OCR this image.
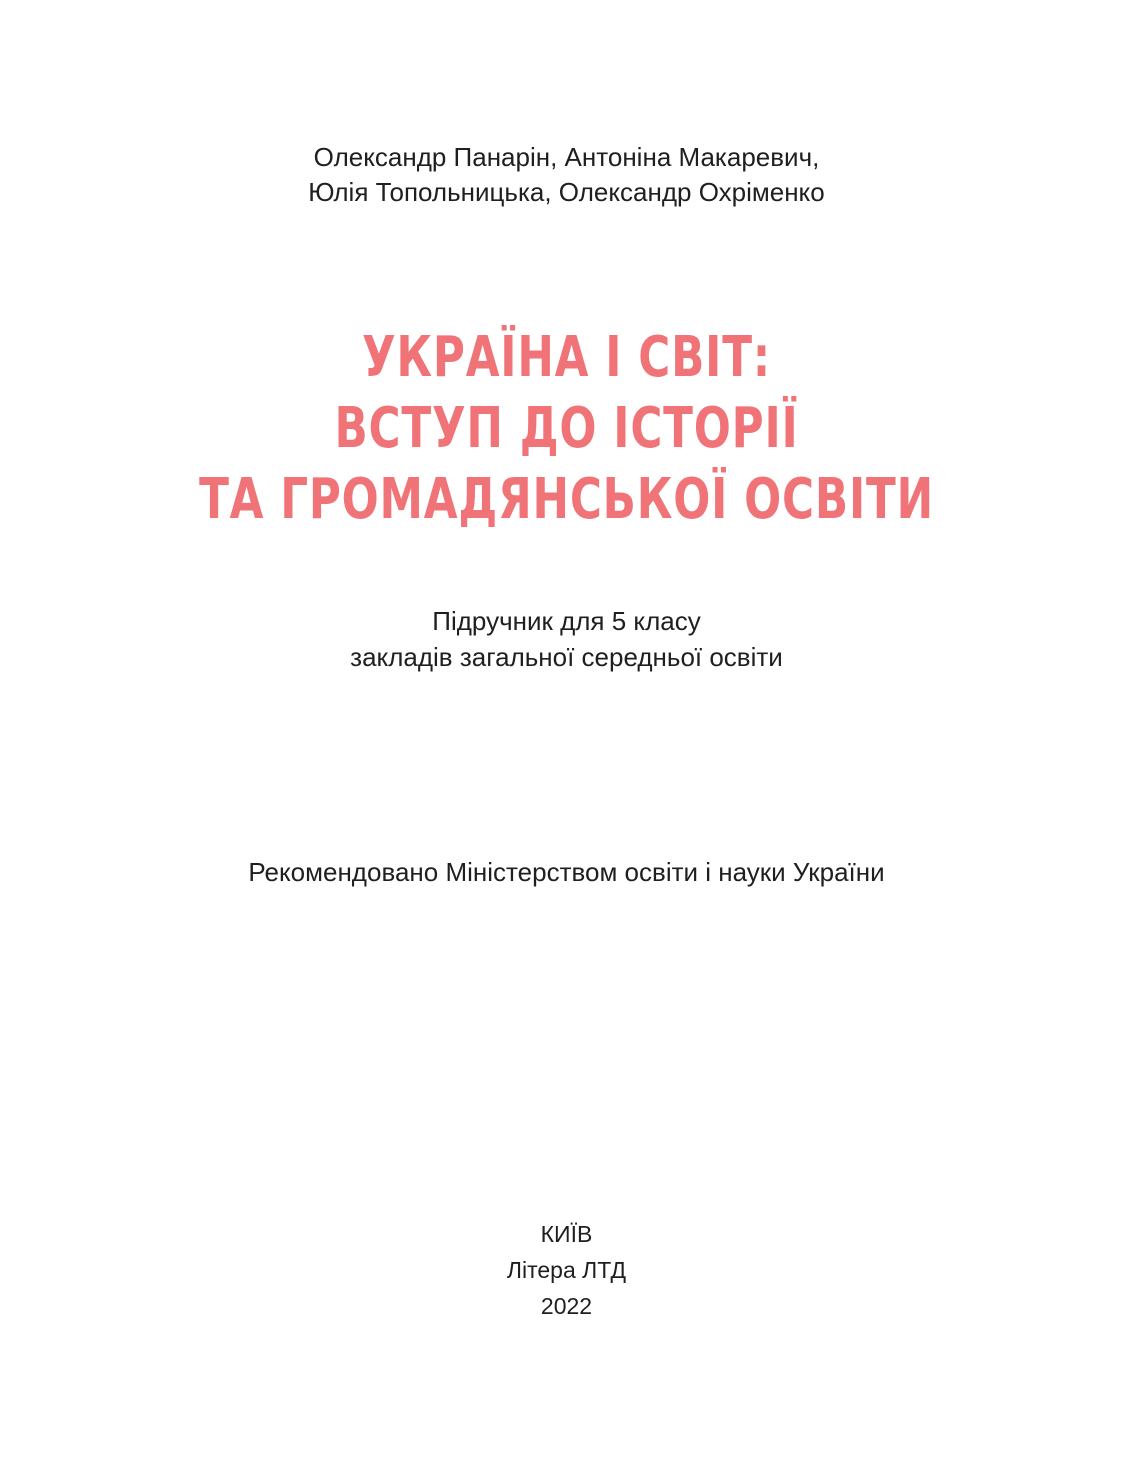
Олександр Панарін, Антоніна Макаревич,
Юлія Топольницька, Олександр Охріменко
УКРАЇНА І СВІТ:
ВСТУП ДО ІСТОРІЇ
ТА ГРОМАДЯНСЬКОЇ ОСВІТИ
Підручник для 5 класу
закладів загальної середньої освіти
Рекомендовано Міністерством освіти і науки України
КИЇВ
Літера ЛТД
2022
